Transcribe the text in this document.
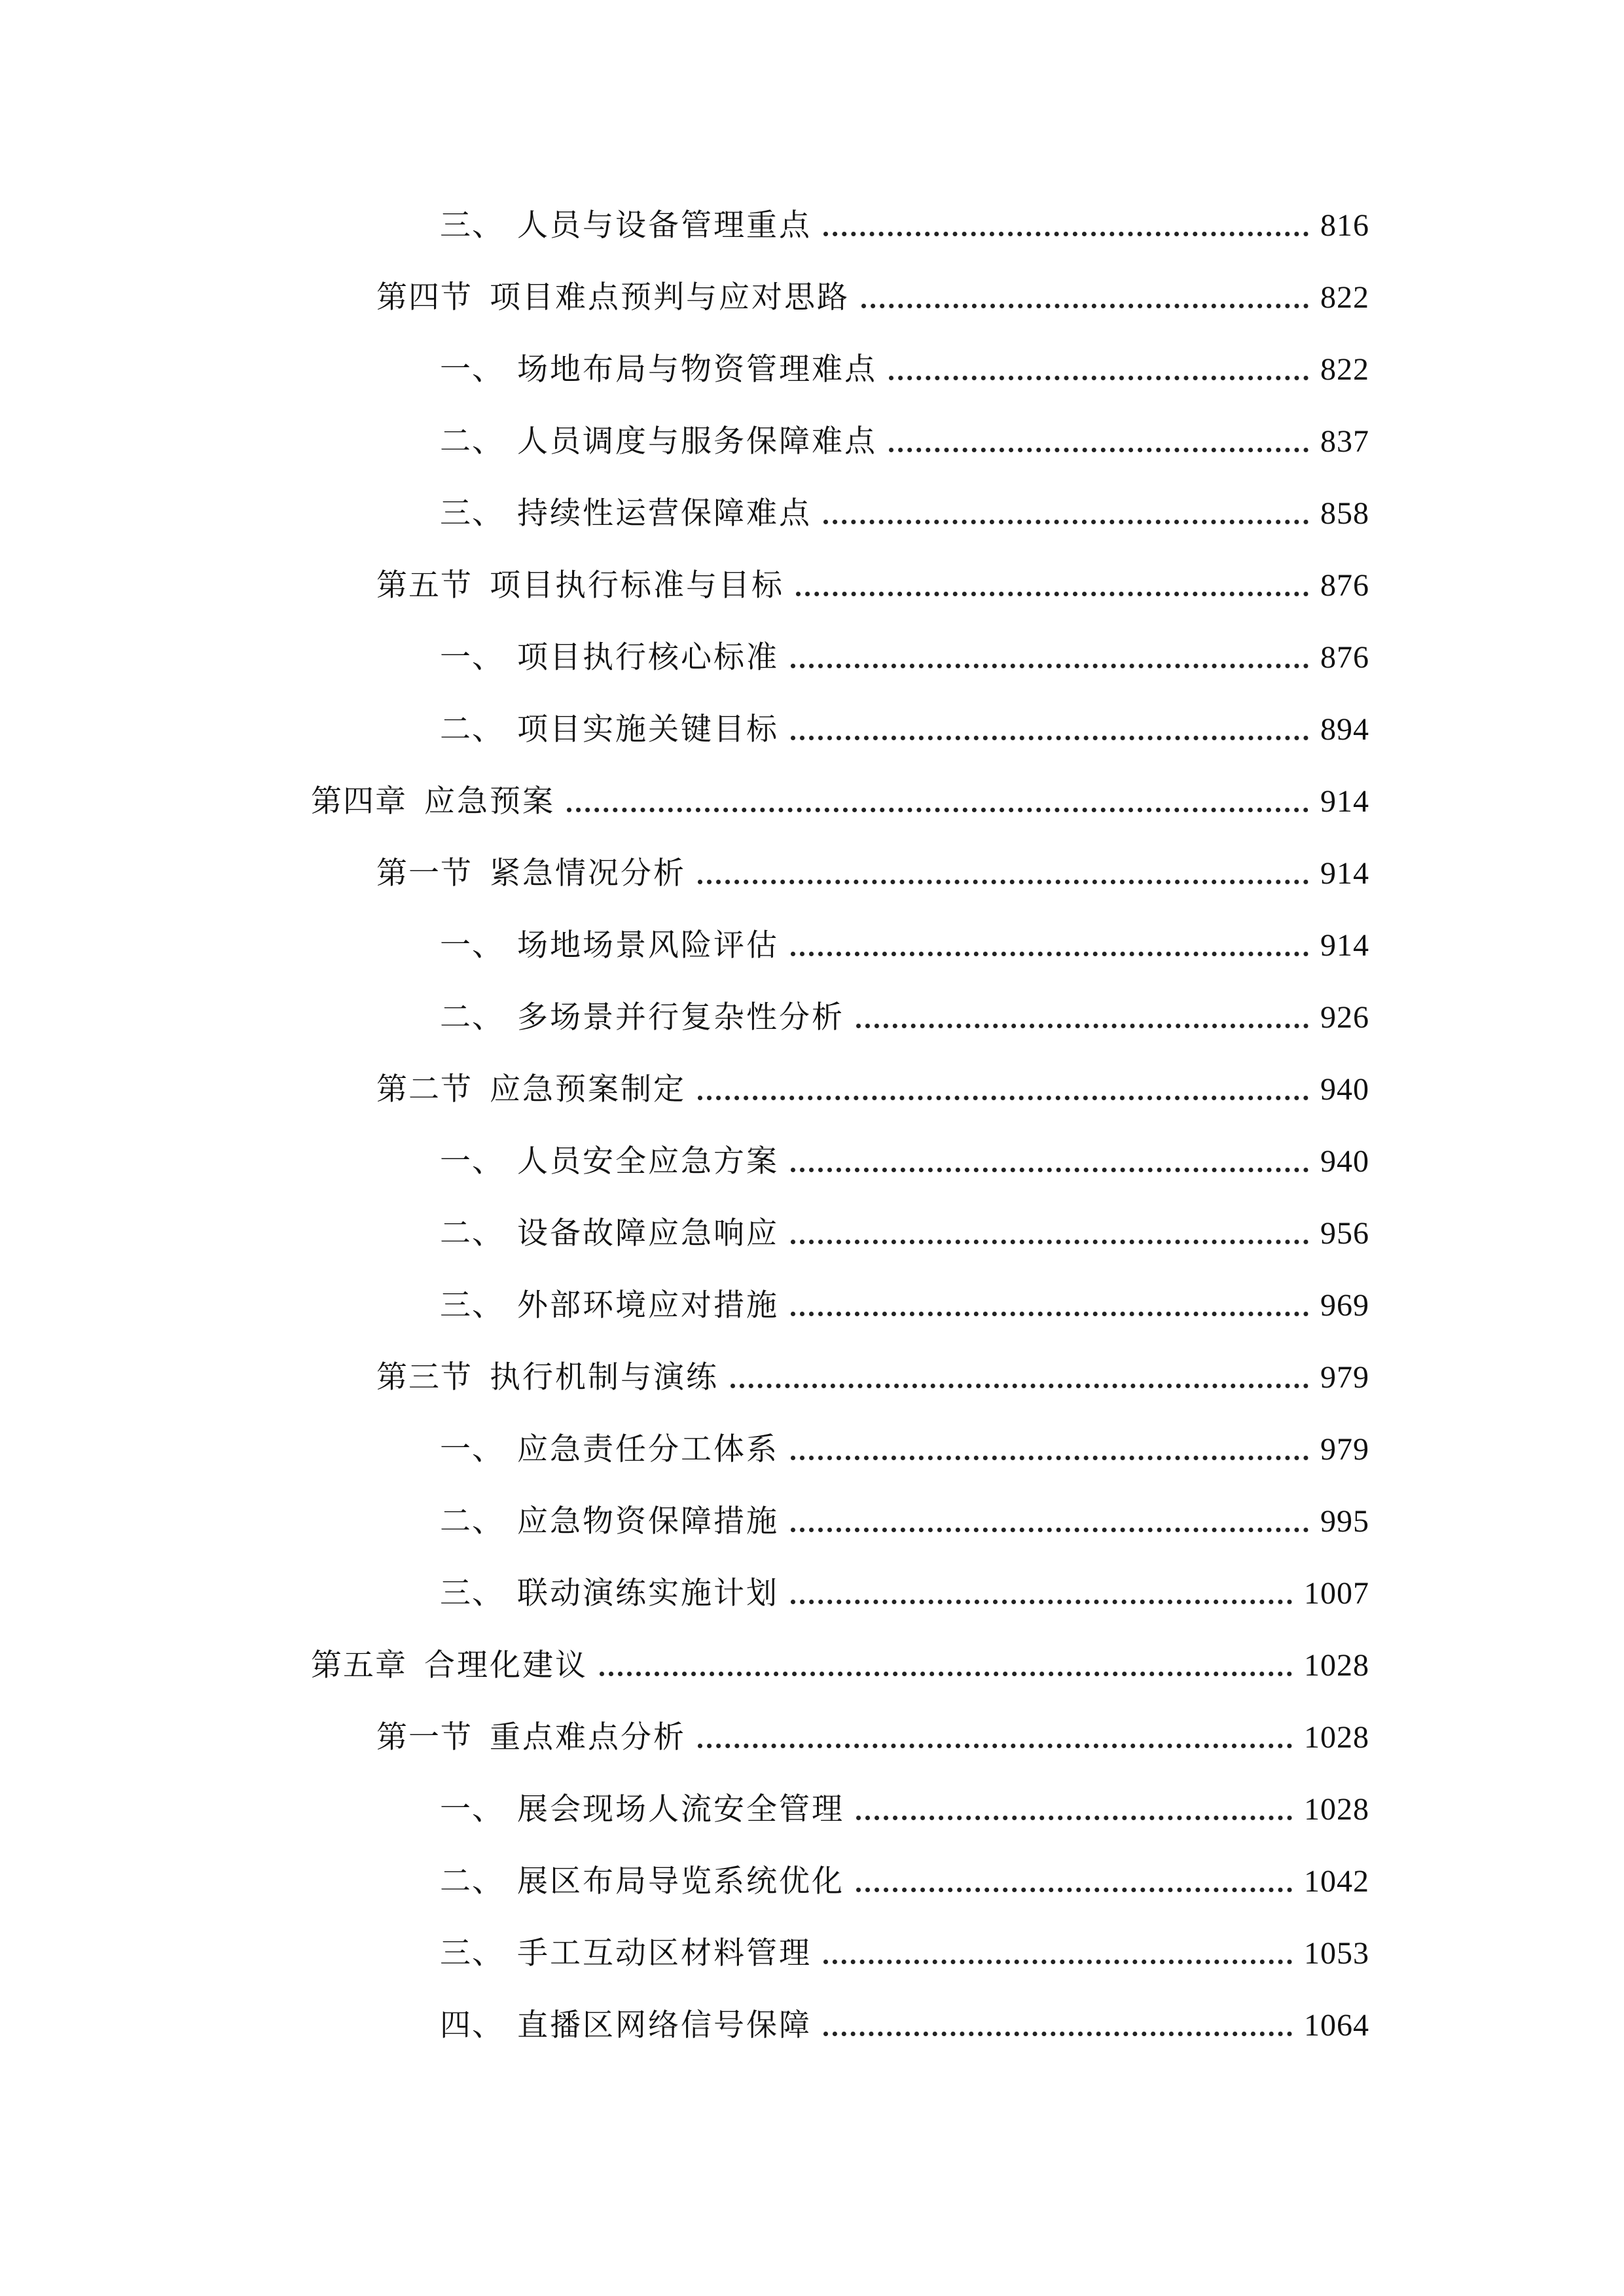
三、 人员与设备管理重点	816
第四节 项目难点预判与应对思路	822
一、 场地布局与物资管理难点	822
二、 人员调度与服务保障难点	837
三、 持续性运营保障难点	858
第五节 项目执行标准与目标	876
一、 项目执行核心标准	876
二、 项目实施关键目标	894
第四章 应急预案	914
第一节 紧急情况分析	914
一、 场地场景风险评估	914
二、 多场景并行复杂性分析	926
第二节 应急预案制定	940
一、 人员安全应急方案	940
二、 设备故障应急响应	956
三、 外部环境应对措施	969
第三节 执行机制与演练	979
一、 应急责任分工体系	979
二、 应急物资保障措施	995
三、 联动演练实施计划	1007
第五章 合理化建议	1028
第一节 重点难点分析	1028
一、 展会现场人流安全管理	1028
二、 展区布局导览系统优化	1042
三、 手工互动区材料管理	1053
四、 直播区网络信号保障	1064
